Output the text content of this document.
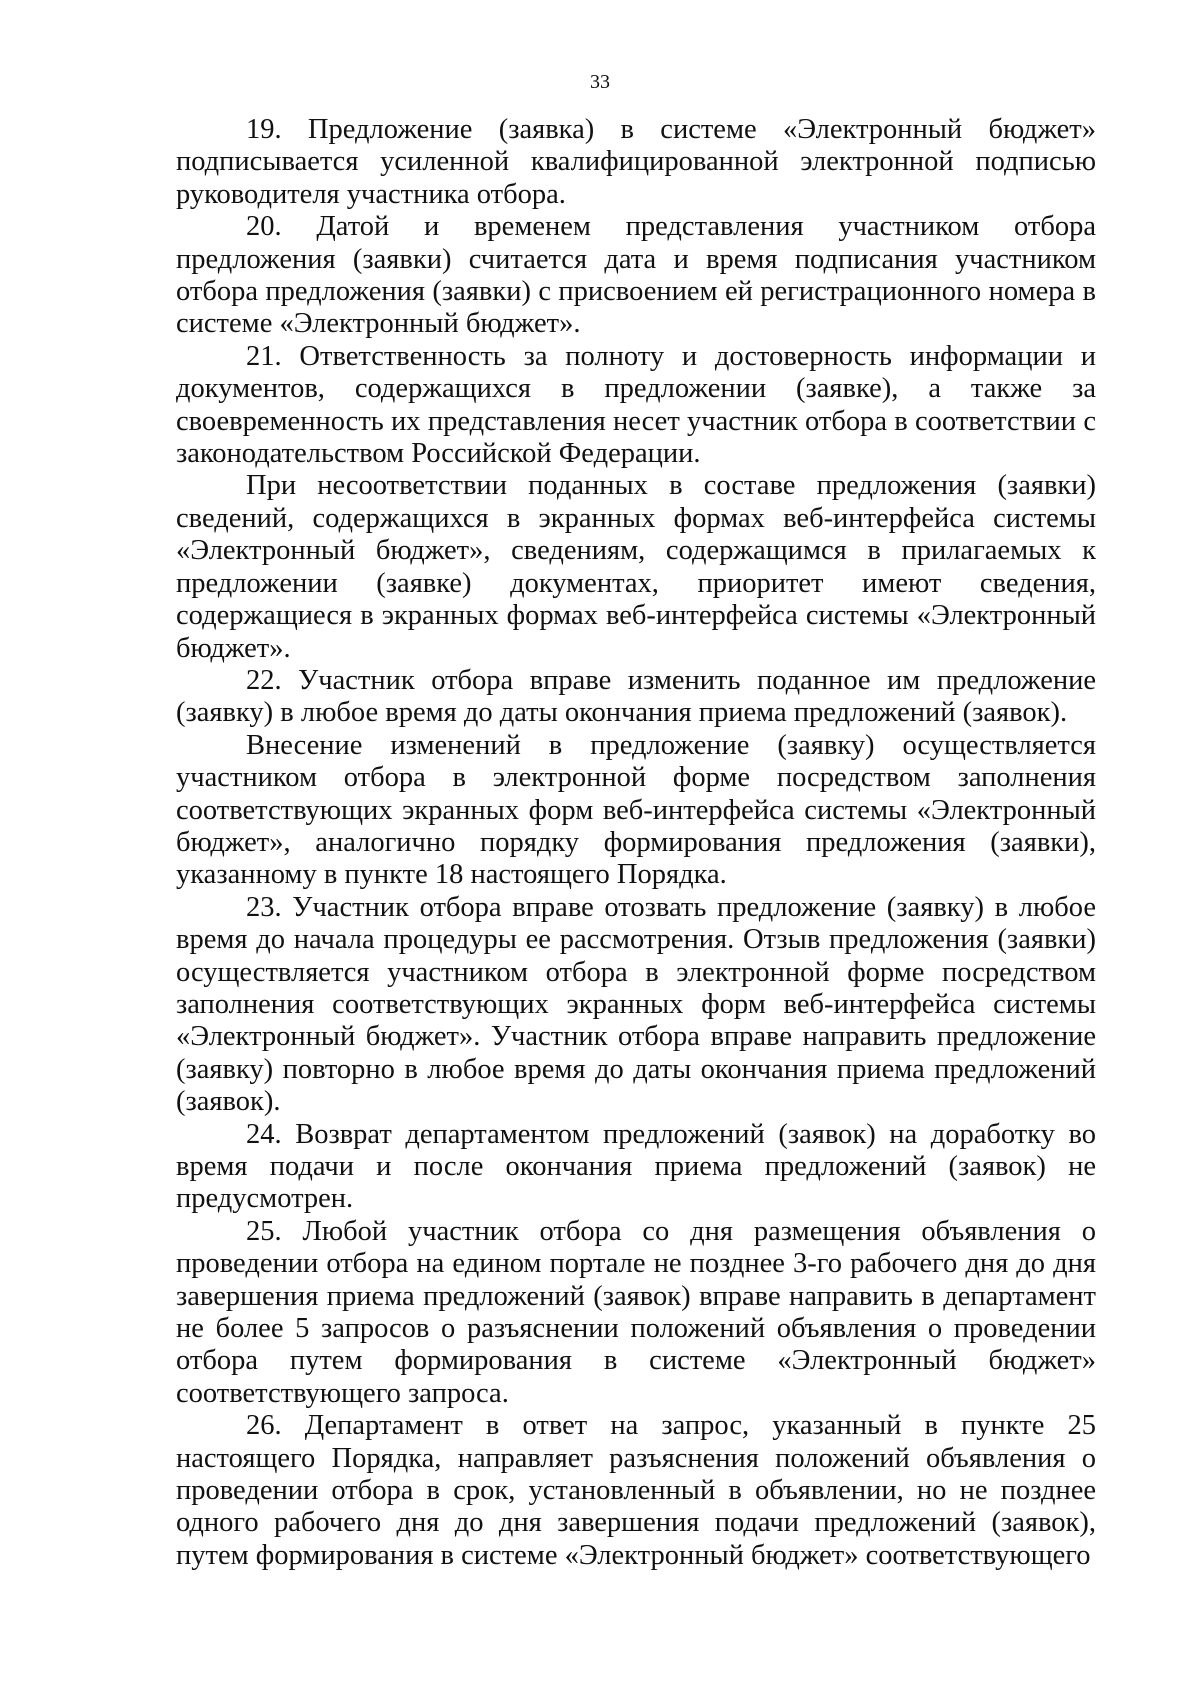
33

19. Предложение (заявка) в системе «Электронный бюджет» подписывается усиленной квалифицированной электронной подписью руководителя участника отбора.

20. Датой и временем представления участником отбора предложения (заявки) считается дата и время подписания участником отбора предложения (заявки) с присвоением ей регистрационного номера в системе «Электронный бюджет».

21. Ответственность за полноту и достоверность информации и документов, содержащихся в предложении (заявке), а также за своевременность их представления несет участник отбора в соответствии с законодательством Российской Федерации.

При несоответствии поданных в составе предложения (заявки) сведений, содержащихся в экранных формах веб-интерфейса системы «Электронный бюджет», сведениям, содержащимся в прилагаемых к предложении (заявке) документах, приоритет имеют сведения, содержащиеся в экранных формах веб-интерфейса системы «Электронный бюджет».

22. Участник отбора вправе изменить поданное им предложение (заявку) в любое время до даты окончания приема предложений (заявок).

Внесение изменений в предложение (заявку) осуществляется участником отбора в электронной форме посредством заполнения соответствующих экранных форм веб-интерфейса системы «Электронный бюджет», аналогично порядку формирования предложения (заявки), указанному в пункте 18 настоящего Порядка.

23. Участник отбора вправе отозвать предложение (заявку) в любое время до начала процедуры ее рассмотрения. Отзыв предложения (заявки) осуществляется участником отбора в электронной форме посредством заполнения соответствующих экранных форм веб-интерфейса системы «Электронный бюджет». Участник отбора вправе направить предложение (заявку) повторно в любое время до даты окончания приема предложений (заявок).

24. Возврат департаментом предложений (заявок) на доработку во время подачи и после окончания приема предложений (заявок) не предусмотрен.

25. Любой участник отбора со дня размещения объявления о проведении отбора на едином портале не позднее 3-го рабочего дня до дня завершения приема предложений (заявок) вправе направить в департамент не более 5 запросов о разъяснении положений объявления о проведении отбора путем формирования в системе «Электронный бюджет» соответствующего запроса.

26. Департамент в ответ на запрос, указанный в пункте 25 настоящего Порядка, направляет разъяснения положений объявления о проведении отбора в срок, установленный в объявлении, но не позднее одного рабочего дня до дня завершения подачи предложений (заявок), путем формирования в системе «Электронный бюджет» соответствующего
